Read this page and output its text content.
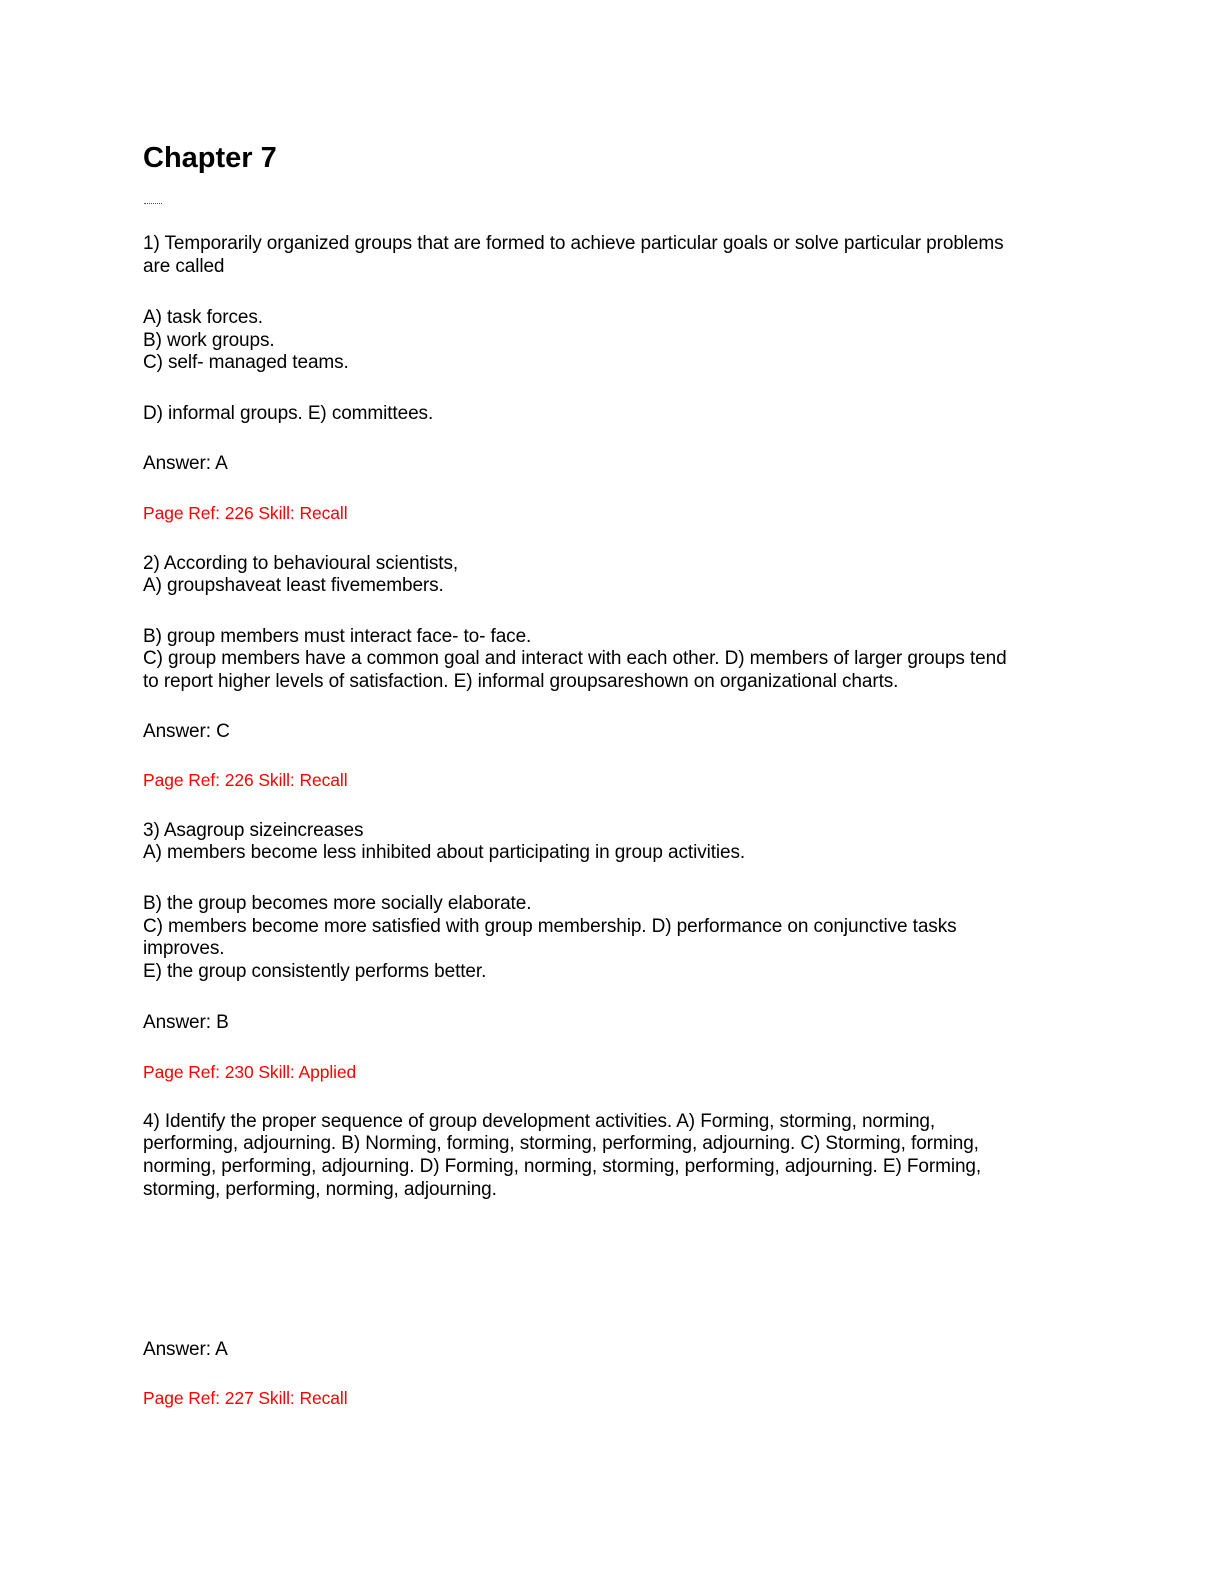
Chapter 7
1) Temporarily organized groups that are formed to achieve particular goals or solve particular problems
are called
A) task forces.
B) work groups.
C) self- managed teams.
D) informal groups. E) committees.
Answer: A
Page Ref: 226 Skill: Recall
2) According to behavioural scientists,
A) groupshaveat least fivemembers.
B) group members must interact face- to- face.
C) group members have a common goal and interact with each other. D) members of larger groups tend
to report higher levels of satisfaction. E) informal groupsareshown on organizational charts.
Answer: C
Page Ref: 226 Skill: Recall
3) Asagroup sizeincreases
A) members become less inhibited about participating in group activities.
B) the group becomes more socially elaborate.
C) members become more satisfied with group membership. D) performance on conjunctive tasks
improves.
E) the group consistently performs better.
Answer: B
Page Ref: 230 Skill: Applied
4) Identify the proper sequence of group development activities. A) Forming, storming, norming,
performing, adjourning. B) Norming, forming, storming, performing, adjourning. C) Storming, forming,
norming, performing, adjourning. D) Forming, norming, storming, performing, adjourning. E) Forming,
storming, performing, norming, adjourning.
Answer: A
Page Ref: 227 Skill: Recall
